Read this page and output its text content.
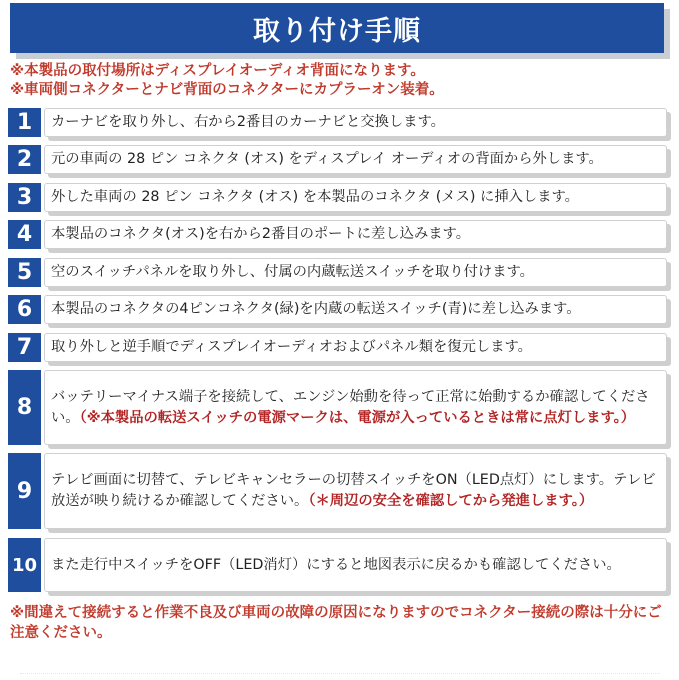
取り付け手順
※本製品の取付場所はディスプレイオーディオ背面になります。
※車両側コネクターとナビ背面のコネクターにカプラーオン装着。
1	カーナビを取り外し、右から2番目のカーナビと交換します。
2	元の車両の 28 ピン コネクタ (オス) をディスプレイ オーディオの背面から外します。
3	外した車両の 28 ピン コネクタ (オス) を本製品のコネクタ (メス) に挿入します。
4	本製品のコネクタ(オス)を右から2番目のポートに差し込みます。
5	空のスイッチパネルを取り外し、付属の内蔵転送スイッチを取り付けます。
6	本製品のコネクタの4ピンコネクタ(緑)を内蔵の転送スイッチ(青)に差し込みます。
7	取り外しと逆手順でディスプレイオーディオおよびパネル類を復元します。
8	バッテリーマイナス端子を接続して、エンジン始動を待って正常に始動するか確認してください。（※本製品の転送スイッチの電源マークは、電源が入っているときは常に点灯します。）
9	テレビ画面に切替て、テレビキャンセラーの切替スイッチをON（LED点灯）にします。テレビ放送が映り続けるか確認してください。（＊周辺の安全を確認してから発進します。）
10 また走行中スイッチをOFF（LED消灯）にすると地図表示に戻るかも確認してください。
※間違えて接続すると作業不良及び車両の故障の原因になりますのでコネクター接続の際は十分にご注意ください。
